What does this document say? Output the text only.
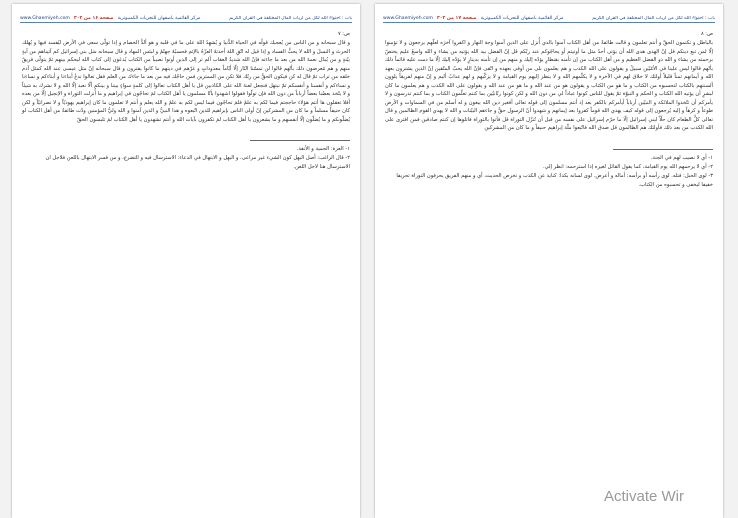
باب : احتواء الله لكل من أرباب المال المختلفة في القرآن الكريم
مركز القائمية باصفهان للتحريات الكمبيوترية
صفحة ۱۶ من ۳۰۲
www.Ghaemiyeh.com
ص: ۷
و قال سبحانه و من الناس من يُعجبك قولُه في الحياة الدُّنيا و يُشهِدُ اللهَ على ما في قلبه و هو ألدُّ الخصام و إذا تولّى سعى في الأرض ليُفسد فيها و يُهلك الحرثَ و النسلَ و الله لا يحبُّ الفساد و إذا قيل له اتّقِ اللهَ أخذتهُ العزّةُ بالإثم فحسبُهُ جهنّمُ و لبئس المهاد و قال سبحانه سَل بني إسرائيل كم آتيناهم من آيةٍ بيّنةٍ و من يُبدّل نعمةَ الله من بعد ما جاءته فإنّ الله شديدُ العقاب ألم تر إلى الذين أوتوا نصيباً من الكتاب يُدعَون إلى كتاب الله ليحكم بينهم ثمّ يتولّى فريقٌ منهم و هم مُعرضون ذلك بأنّهم قالوا لن تمسّنا النّار إلّا أيّاماً معدوداتٍ و غرّهم في دينهم ما كانوا يفترون و قال سبحانه إنّ مثل عيسى عند الله كمثل آدم خلقه من تراب ثمّ قال له كن فيكون الحقُّ من ربّك فلا تكن من الممترين فمن حاجّك فيه من بعد ما جاءك من العلم فقل تعالوا ندعُ أبناءنا و أبناءكم و نساءنا و نساءكم و أنفسنا و أنفسكم ثمّ نبتهل فنجعل لعنةَ الله على الكاذبين قل يا أهل الكتاب تعالوا إلى كلمةٍ سواءٍ بيننا و بينكم ألّا نعبد إلّا الله و لا نشرك به شيئاً و لا يتّخذ بعضُنا بعضاً أرباباً من دون الله فإن تولّوا فقولوا اشهدوا بأنّا مسلمون يا أهل الكتاب لمَ تحاجّون في إبراهيم و ما أُنزلت التوراة و الإنجيل إلّا من بعده أفلا تعقلون ها أنتم هؤلاء حاججتم فيما لكم به علمٌ فلمَ تحاجّون فيما ليس لكم به علمٌ و الله يعلم و أنتم لا تعلمون ما كان إبراهيم يهوديّاً و لا نصرانيّاً و لكن كان حنيفاً مسلماً و ما كان من المشركين إنّ أولى الناس بإبراهيم للذين اتّبعوه و هذا النبيُّ و الذين آمنوا و الله وليُّ المؤمنين ودّت طائفةٌ من أهل الكتاب لو يُضلّونكم و ما يُضلّون إلّا أنفسهم و ما يشعرون يا أهل الكتاب لمَ تكفرون بآيات الله و أنتم تشهدون يا أهل الكتاب لمَ تلبسون الحقّ

۱- العزة: الحمية و الأنفة.

۲- قال الراغب: أصل البهل كون الشيء غير مراعى، و البهل و الابتهال في الدعاء: الاسترسال فيه و التضرع، و من فسر الابتهال باللعن فلاجل ان الاسترسال هنا لاجل اللعن.

باب : احتواء الله لكل من أرباب المال المختلفة في القرآن الكريم
مركز القائمية باصفهان للتحريات الكمبيوترية
صفحة ۱۷ من ۳۰۲
www.Ghaemiyeh.com
ص: ۸
بالباطل و تكتمون الحقَّ و أنتم تعلمون و قالت طائفةٌ من أهل الكتاب آمنوا بالذي أُنزل على الذين آمنوا وجهَ النهار و اكفروا آخرَه لعلّهم يرجعون و لا تؤمنوا إلّا لمن تبع دينكم قل إنّ الهدى هدى الله أن يؤتى أحدٌ مثل ما أوتيتم أو يحاجّوكم عند ربّكم قل إنّ الفضل بيد الله يؤتيه من يشاء و الله واسعٌ عليم يختصّ برحمته من يشاء و الله ذو الفضل العظيم و من أهل الكتاب من إن تأمنه بقنطارٍ يؤدّه إليك و منهم من إن تأمنه بدينارٍ لا يؤدّه إليك إلّا ما دمت عليه قائماً ذلك بأنّهم قالوا ليس علينا في الأمّيّين سبيلٌ و يقولون على الله الكذب و هم يعلمون بلى من أوفى بعهده و اتّقى فإنّ الله يحبّ المتّقين إنّ الذين يشترون بعهد الله و أيمانهم ثمناً قليلاً أولئك لا خلاق لهم في الآخرة و لا يكلّمهم الله و لا ينظر إليهم يوم القيامة و لا يزكّيهم و لهم عذابٌ أليم و إنّ منهم لفريقاً يلوون ألسنتهم بالكتاب لتحسبوه من الكتاب و ما هو من الكتاب و يقولون هو من عند الله و ما هو من عند الله و يقولون على الله الكذب و هم يعلمون ما كان لبشرٍ أن يؤتيه الله الكتاب و الحكم و النبوّة ثمّ يقول للناس كونوا عباداً لي من دون الله و لكن كونوا ربّانيّين بما كنتم تعلّمون الكتاب و بما كنتم تدرسون و لا يأمركم أن تتّخذوا الملائكة و النبيّين أرباباً أيأمركم بالكفر بعد إذ أنتم مسلمون إلى قوله تعالى أفغير دين الله يبغون و له أسلم من في السماوات و الأرض طوعاً و كرهاً و إليه يُرجعون إلى قوله كيف يهدي الله قوماً كفروا بعد إيمانهم و شهدوا أنّ الرسول حقٌّ و جاءهم البيّنات و الله لا يهدي القوم الظالمين و قال تعالى كلُّ الطعام كان حلّاً لبني إسرائيل إلّا ما حرّم إسرائيل على نفسه من قبل أن تُنزّل التوراة قل فأتوا بالتوراة فاتلوها إن كنتم صادقين فمن افترى على الله الكذب من بعد ذلك فأولئك هم الظالمون قل صدق الله فاتّبعوا ملّة إبراهيم حنيفاً و ما كان من المشركين

۱- أي لا نصيب لهم في الجنة.

۲- أي لا يرحمهم الله يوم القيامة، كما يقول القائل لغيره إذا استرحمه: انظر إلي.

۳- لوى الحبل: فتله. لوى رأسه أو برأسه: أماله و أعرض. لوى لسانه بكذا: كناية عن الكذب و تخرص الحديث، أي و منهم الفريق يحرفون التوراة تحريفا خفيفا ليخفى و تحسبوه من الكتاب.

Activate Wir
